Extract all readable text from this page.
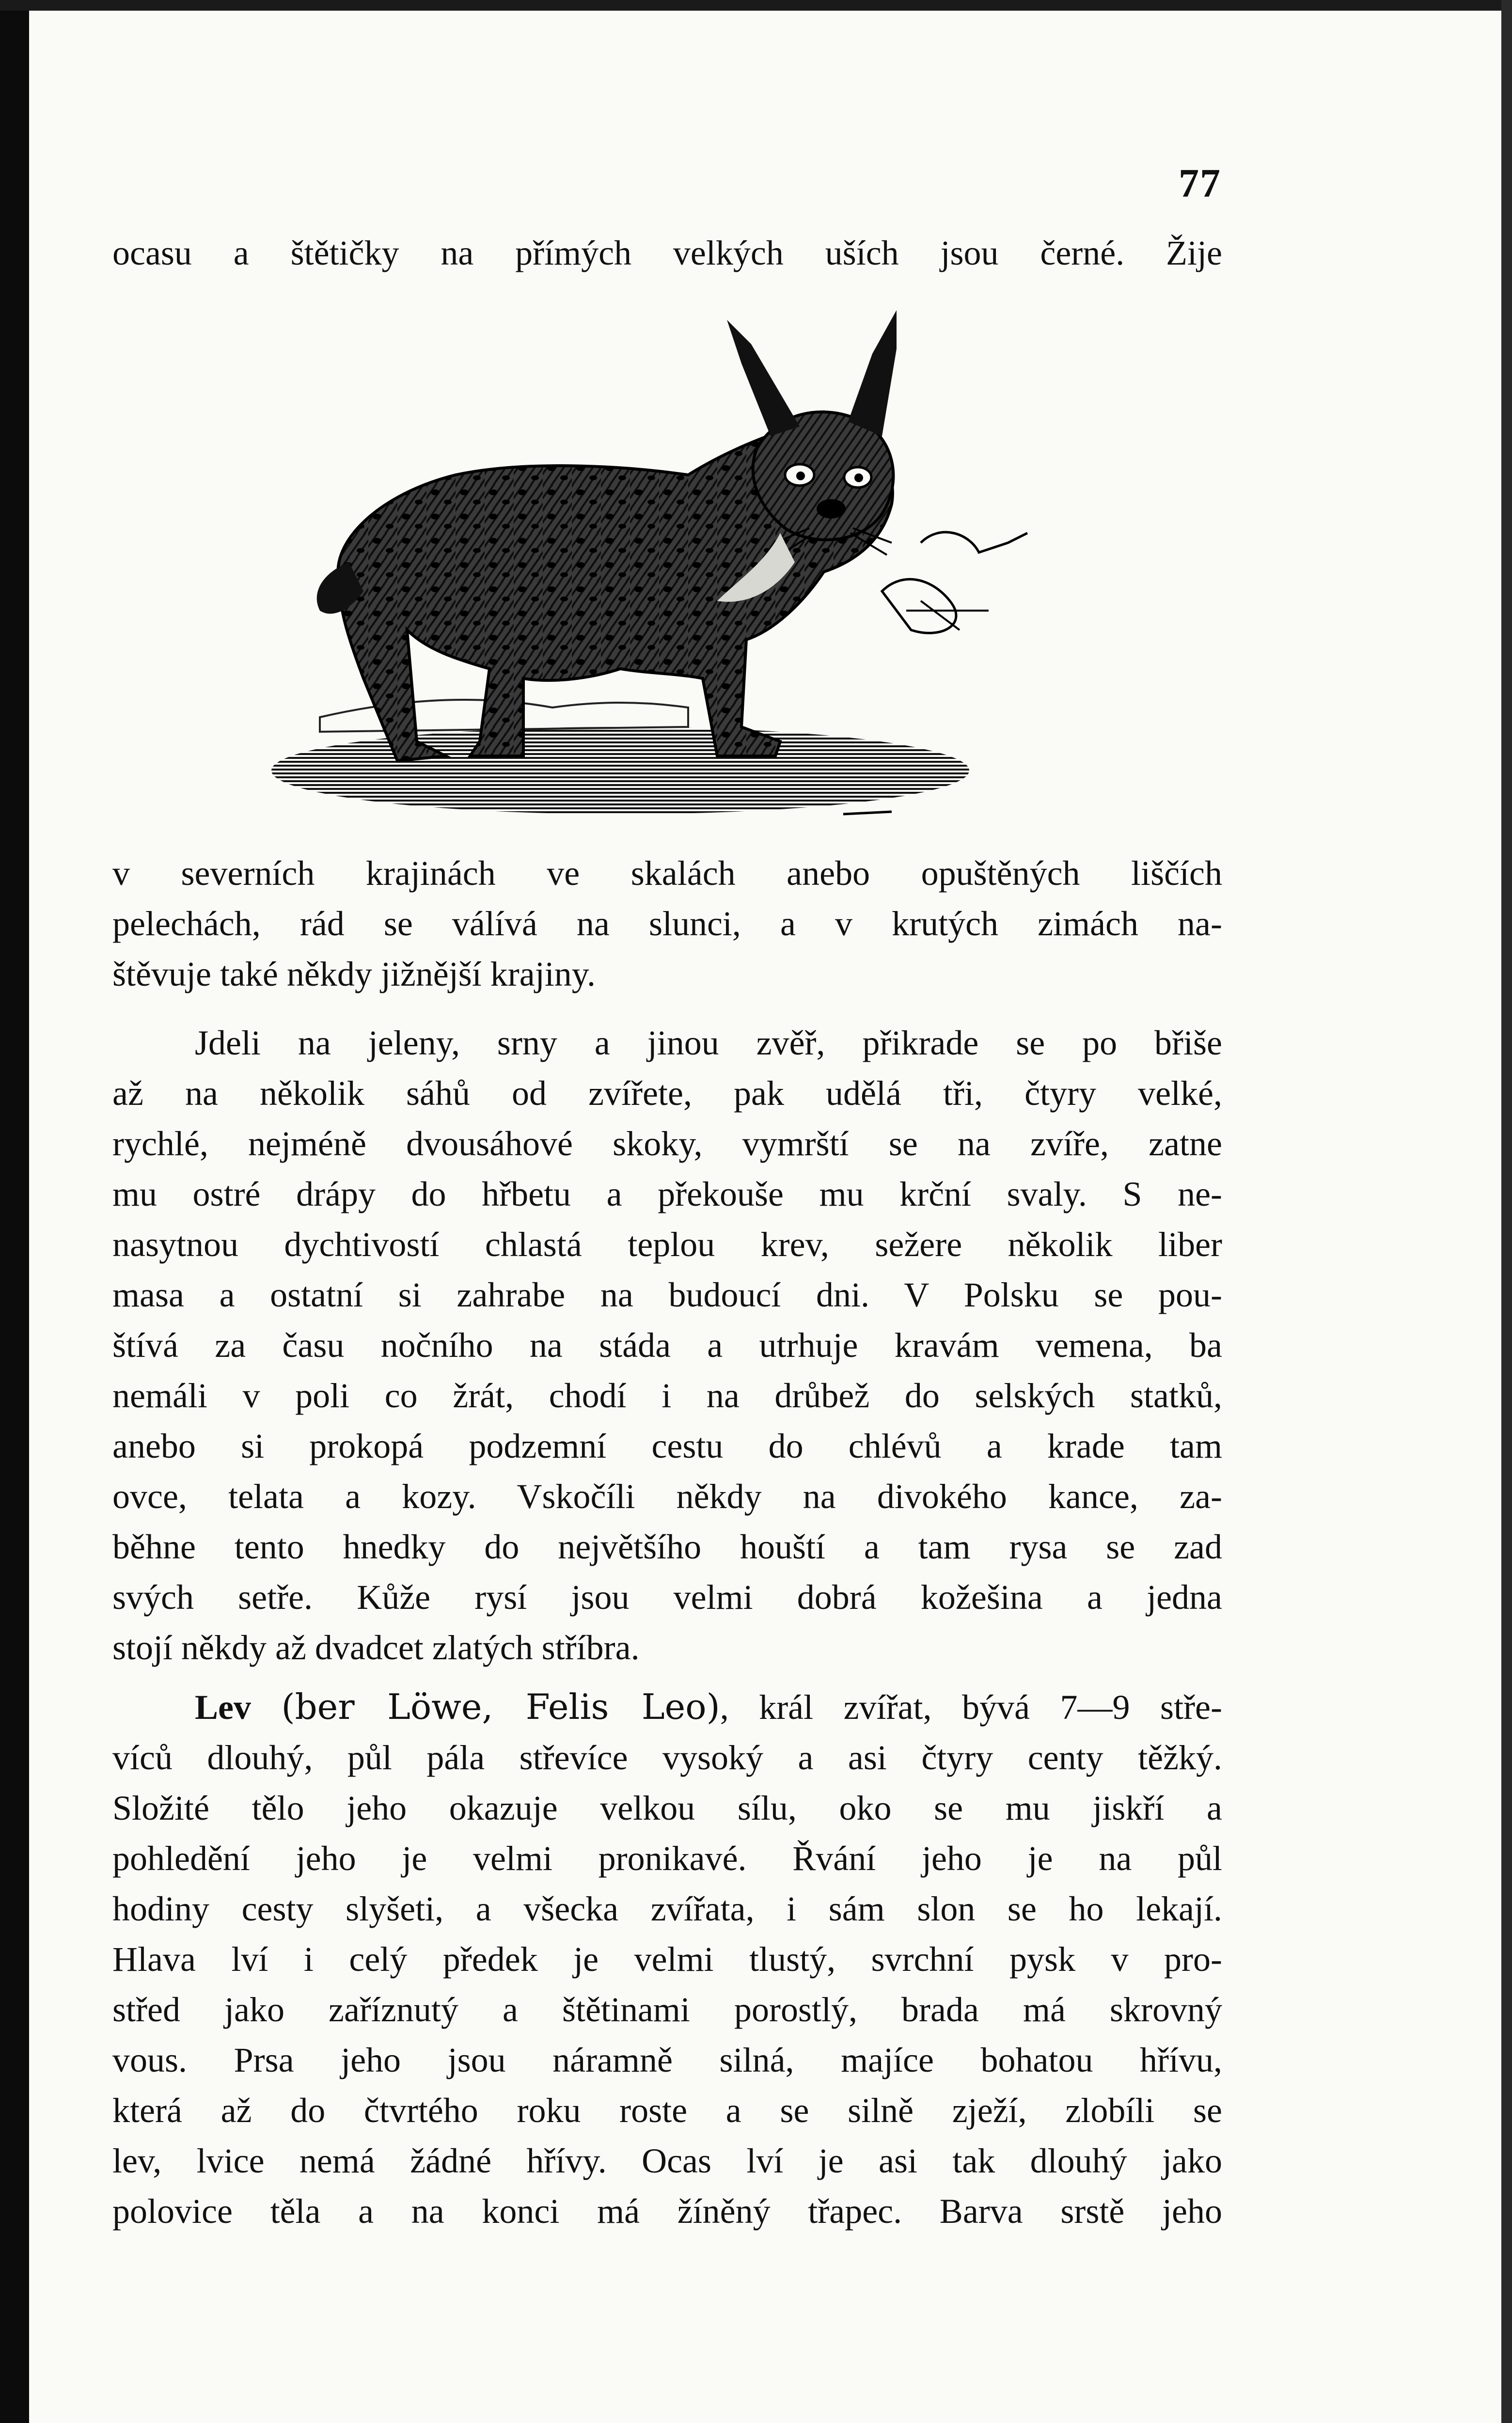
77
ocasu a štětičky na přímých velkých uších jsou černé. Žije
v severních krajinách ve skalách anebo opuštěných liščích
pelechách, rád se válívá na slunci, a v krutých zimách na-
štěvuje také někdy jižnější krajiny.
Jdeli na jeleny, srny a jinou zvěř, přikrade se po břiše
až na několik sáhů od zvířete, pak udělá tři, čtyry velké,
rychlé, nejméně dvousáhové skoky, vymrští se na zvíře, zatne
mu ostré drápy do hřbetu a překouše mu krční svaly. S ne-
nasytnou dychtivostí chlastá teplou krev, sežere několik liber
masa a ostatní si zahrabe na budoucí dni. V Polsku se pou-
štívá za času nočního na stáda a utrhuje kravám vemena, ba
nemáli v poli co žrát, chodí i na drůbež do selských statků,
anebo si prokopá podzemní cestu do chlévů a krade tam
ovce, telata a kozy. Vskočíli někdy na divokého kance, za-
běhne tento hnedky do největšího houští a tam rysa se zad
svých setře. Kůže rysí jsou velmi dobrá kožešina a jedna
stojí někdy až dvadcet zlatých stříbra.
Lev (ber Löwe, Felis Leo), král zvířat, bývá 7—9 stře-
víců dlouhý, půl pála střevíce vysoký a asi čtyry centy těžký.
Složité tělo jeho okazuje velkou sílu, oko se mu jiskří a
pohledění jeho je velmi pronikavé. Řvání jeho je na půl
hodiny cesty slyšeti, a všecka zvířata, i sám slon se ho lekají.
Hlava lví i celý předek je velmi tlustý, svrchní pysk v pro-
střed jako zaříznutý a štětinami porostlý, brada má skrovný
vous. Prsa jeho jsou náramně silná, majíce bohatou hřívu,
která až do čtvrtého roku roste a se silně zježí, zlobíli se
lev, lvice nemá žádné hřívy. Ocas lví je asi tak dlouhý jako
polovice těla a na konci má žíněný třapec. Barva srstě jeho
